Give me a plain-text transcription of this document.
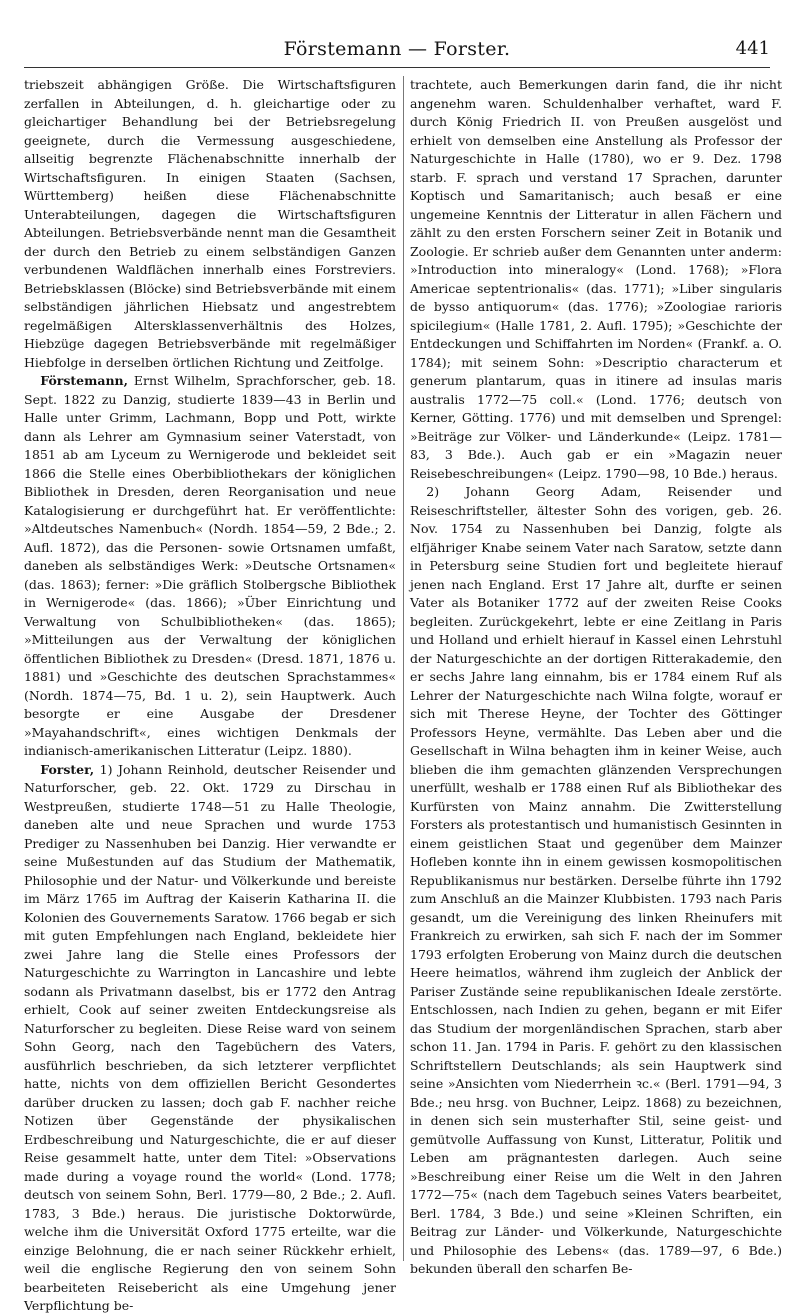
Förstemann — Forster.	441

triebszeit abhängigen Größe. Die Wirtschaftsfiguren zerfallen in Abteilungen, d. h. gleichartige oder zu gleichartiger Behandlung bei der Betriebsregelung geeignete, durch die Vermessung ausgeschiedene, allseitig begrenzte Flächenabschnitte innerhalb der Wirtschaftsfiguren. In einigen Staaten (Sachsen, Württemberg) heißen diese Flächenabschnitte Unterabteilungen, dagegen die Wirtschaftsfiguren Abteilungen. Betriebsverbände nennt man die Gesamtheit der durch den Betrieb zu einem selbständigen Ganzen verbundenen Waldflächen innerhalb eines Forstreviers. Betriebsklassen (Blöcke) sind Betriebsverbände mit einem selbständigen jährlichen Hiebsatz und angestrebtem regelmäßigen Altersklassenverhältnis des Holzes, Hiebzüge dagegen Betriebsverbände mit regelmäßiger Hiebfolge in derselben örtlichen Richtung und Zeitfolge.

Förstemann, Ernst Wilhelm, Sprachforscher, geb. 18. Sept. 1822 zu Danzig, studierte 1839—43 in Berlin und Halle unter Grimm, Lachmann, Bopp und Pott, wirkte dann als Lehrer am Gymnasium seiner Vaterstadt, von 1851 ab am Lyceum zu Wernigerode und bekleidet seit 1866 die Stelle eines Oberbibliothekars der königlichen Bibliothek in Dresden, deren Reorganisation und neue Katalogisierung er durchgeführt hat. Er veröffentlichte: »Altdeutsches Namenbuch« (Nordh. 1854—59, 2 Bde.; 2. Aufl. 1872), das die Personen- sowie Ortsnamen umfaßt, daneben als selbständiges Werk: »Deutsche Ortsnamen« (das. 1863); ferner: »Die gräflich Stolbergsche Bibliothek in Wernigerode« (das. 1866); »Über Einrichtung und Verwaltung von Schulbibliotheken« (das. 1865); »Mitteilungen aus der Verwaltung der königlichen öffentlichen Bibliothek zu Dresden« (Dresd. 1871, 1876 u. 1881) und »Geschichte des deutschen Sprachstammes« (Nordh. 1874—75, Bd. 1 u. 2), sein Hauptwerk. Auch besorgte er eine Ausgabe der Dresdener »Mayahandschrift«, eines wichtigen Denkmals der indianisch-amerikanischen Litteratur (Leipz. 1880).

Forster, 1) Johann Reinhold, deutscher Reisender und Naturforscher, geb. 22. Okt. 1729 zu Dirschau in Westpreußen, studierte 1748—51 zu Halle Theologie, daneben alte und neue Sprachen und wurde 1753 Prediger zu Nassenhuben bei Danzig. Hier verwandte er seine Mußestunden auf das Studium der Mathematik, Philosophie und der Natur- und Völkerkunde und bereiste im März 1765 im Auftrag der Kaiserin Katharina II. die Kolonien des Gouvernements Saratow. 1766 begab er sich mit guten Empfehlungen nach England, bekleidete hier zwei Jahre lang die Stelle eines Professors der Naturgeschichte zu Warrington in Lancashire und lebte sodann als Privatmann daselbst, bis er 1772 den Antrag erhielt, Cook auf seiner zweiten Entdeckungsreise als Naturforscher zu begleiten. Diese Reise ward von seinem Sohn Georg, nach den Tagebüchern des Vaters, ausführlich beschrieben, da sich letzterer verpflichtet hatte, nichts von dem offiziellen Bericht Gesondertes darüber drucken zu lassen; doch gab F. nachher reiche Notizen über Gegenstände der physikalischen Erdbeschreibung und Naturgeschichte, die er auf dieser Reise gesammelt hatte, unter dem Titel: »Observations made during a voyage round the world« (Lond. 1778; deutsch von seinem Sohn, Berl. 1779—80, 2 Bde.; 2. Aufl. 1783, 3 Bde.) heraus. Die juristische Doktorwürde, welche ihm die Universität Oxford 1775 erteilte, war die einzige Belohnung, die er nach seiner Rückkehr erhielt, weil die englische Regierung den von seinem Sohn bearbeiteten Reisebericht als eine Umgehung jener Verpflichtung be-

trachtete, auch Bemerkungen darin fand, die ihr nicht angenehm waren. Schuldenhalber verhaftet, ward F. durch König Friedrich II. von Preußen ausgelöst und erhielt von demselben eine Anstellung als Professor der Naturgeschichte in Halle (1780), wo er 9. Dez. 1798 starb. F. sprach und verstand 17 Sprachen, darunter Koptisch und Samaritanisch; auch besaß er eine ungemeine Kenntnis der Litteratur in allen Fächern und zählt zu den ersten Forschern seiner Zeit in Botanik und Zoologie. Er schrieb außer dem Genannten unter anderm: »Introduction into mineralogy« (Lond. 1768); »Flora Americae septentrionalis« (das. 1771); »Liber singularis de bysso antiquorum« (das. 1776); »Zoologiae rarioris spicilegium« (Halle 1781, 2. Aufl. 1795); »Geschichte der Entdeckungen und Schiffahrten im Norden« (Frankf. a. O. 1784); mit seinem Sohn: »Descriptio characterum et generum plantarum, quas in itinere ad insulas maris australis 1772—75 coll.« (Lond. 1776; deutsch von Kerner, Götting. 1776) und mit demselben und Sprengel: »Beiträge zur Völker- und Länderkunde« (Leipz. 1781—83, 3 Bde.). Auch gab er ein »Magazin neuer Reisebeschreibungen« (Leipz. 1790—98, 10 Bde.) heraus.

2) Johann Georg Adam, Reisender und Reiseschriftsteller, ältester Sohn des vorigen, geb. 26. Nov. 1754 zu Nassenhuben bei Danzig, folgte als elfjähriger Knabe seinem Vater nach Saratow, setzte dann in Petersburg seine Studien fort und begleitete hierauf jenen nach England. Erst 17 Jahre alt, durfte er seinen Vater als Botaniker 1772 auf der zweiten Reise Cooks begleiten. Zurückgekehrt, lebte er eine Zeitlang in Paris und Holland und erhielt hierauf in Kassel einen Lehrstuhl der Naturgeschichte an der dortigen Ritterakademie, den er sechs Jahre lang einnahm, bis er 1784 einem Ruf als Lehrer der Naturgeschichte nach Wilna folgte, worauf er sich mit Therese Heyne, der Tochter des Göttinger Professors Heyne, vermählte. Das Leben aber und die Gesellschaft in Wilna behagten ihm in keiner Weise, auch blieben die ihm gemachten glänzenden Versprechungen unerfüllt, weshalb er 1788 einen Ruf als Bibliothekar des Kurfürsten von Mainz annahm. Die Zwitterstellung Forsters als protestantisch und humanistisch Gesinnten in einem geistlichen Staat und gegenüber dem Mainzer Hofleben konnte ihn in einem gewissen kosmopolitischen Republikanismus nur bestärken. Derselbe führte ihn 1792 zum Anschluß an die Mainzer Klubbisten. 1793 nach Paris gesandt, um die Vereinigung des linken Rheinufers mit Frankreich zu erwirken, sah sich F. nach der im Sommer 1793 erfolgten Eroberung von Mainz durch die deutschen Heere heimatlos, während ihm zugleich der Anblick der Pariser Zustände seine republikanischen Ideale zerstörte. Entschlossen, nach Indien zu gehen, begann er mit Eifer das Studium der morgenländischen Sprachen, starb aber schon 11. Jan. 1794 in Paris. F. gehört zu den klassischen Schriftstellern Deutschlands; als sein Hauptwerk sind seine »Ansichten vom Niederrhein ꝛc.« (Berl. 1791—94, 3 Bde.; neu hrsg. von Buchner, Leipz. 1868) zu bezeichnen, in denen sich sein musterhafter Stil, seine geist- und gemütvolle Auffassung von Kunst, Litteratur, Politik und Leben am prägnantesten darlegen. Auch seine »Beschreibung einer Reise um die Welt in den Jahren 1772—75« (nach dem Tagebuch seines Vaters bearbeitet, Berl. 1784, 3 Bde.) und seine »Kleinen Schriften, ein Beitrag zur Länder- und Völkerkunde, Naturgeschichte und Philosophie des Lebens« (das. 1789—97, 6 Bde.) bekunden überall den scharfen Be-
